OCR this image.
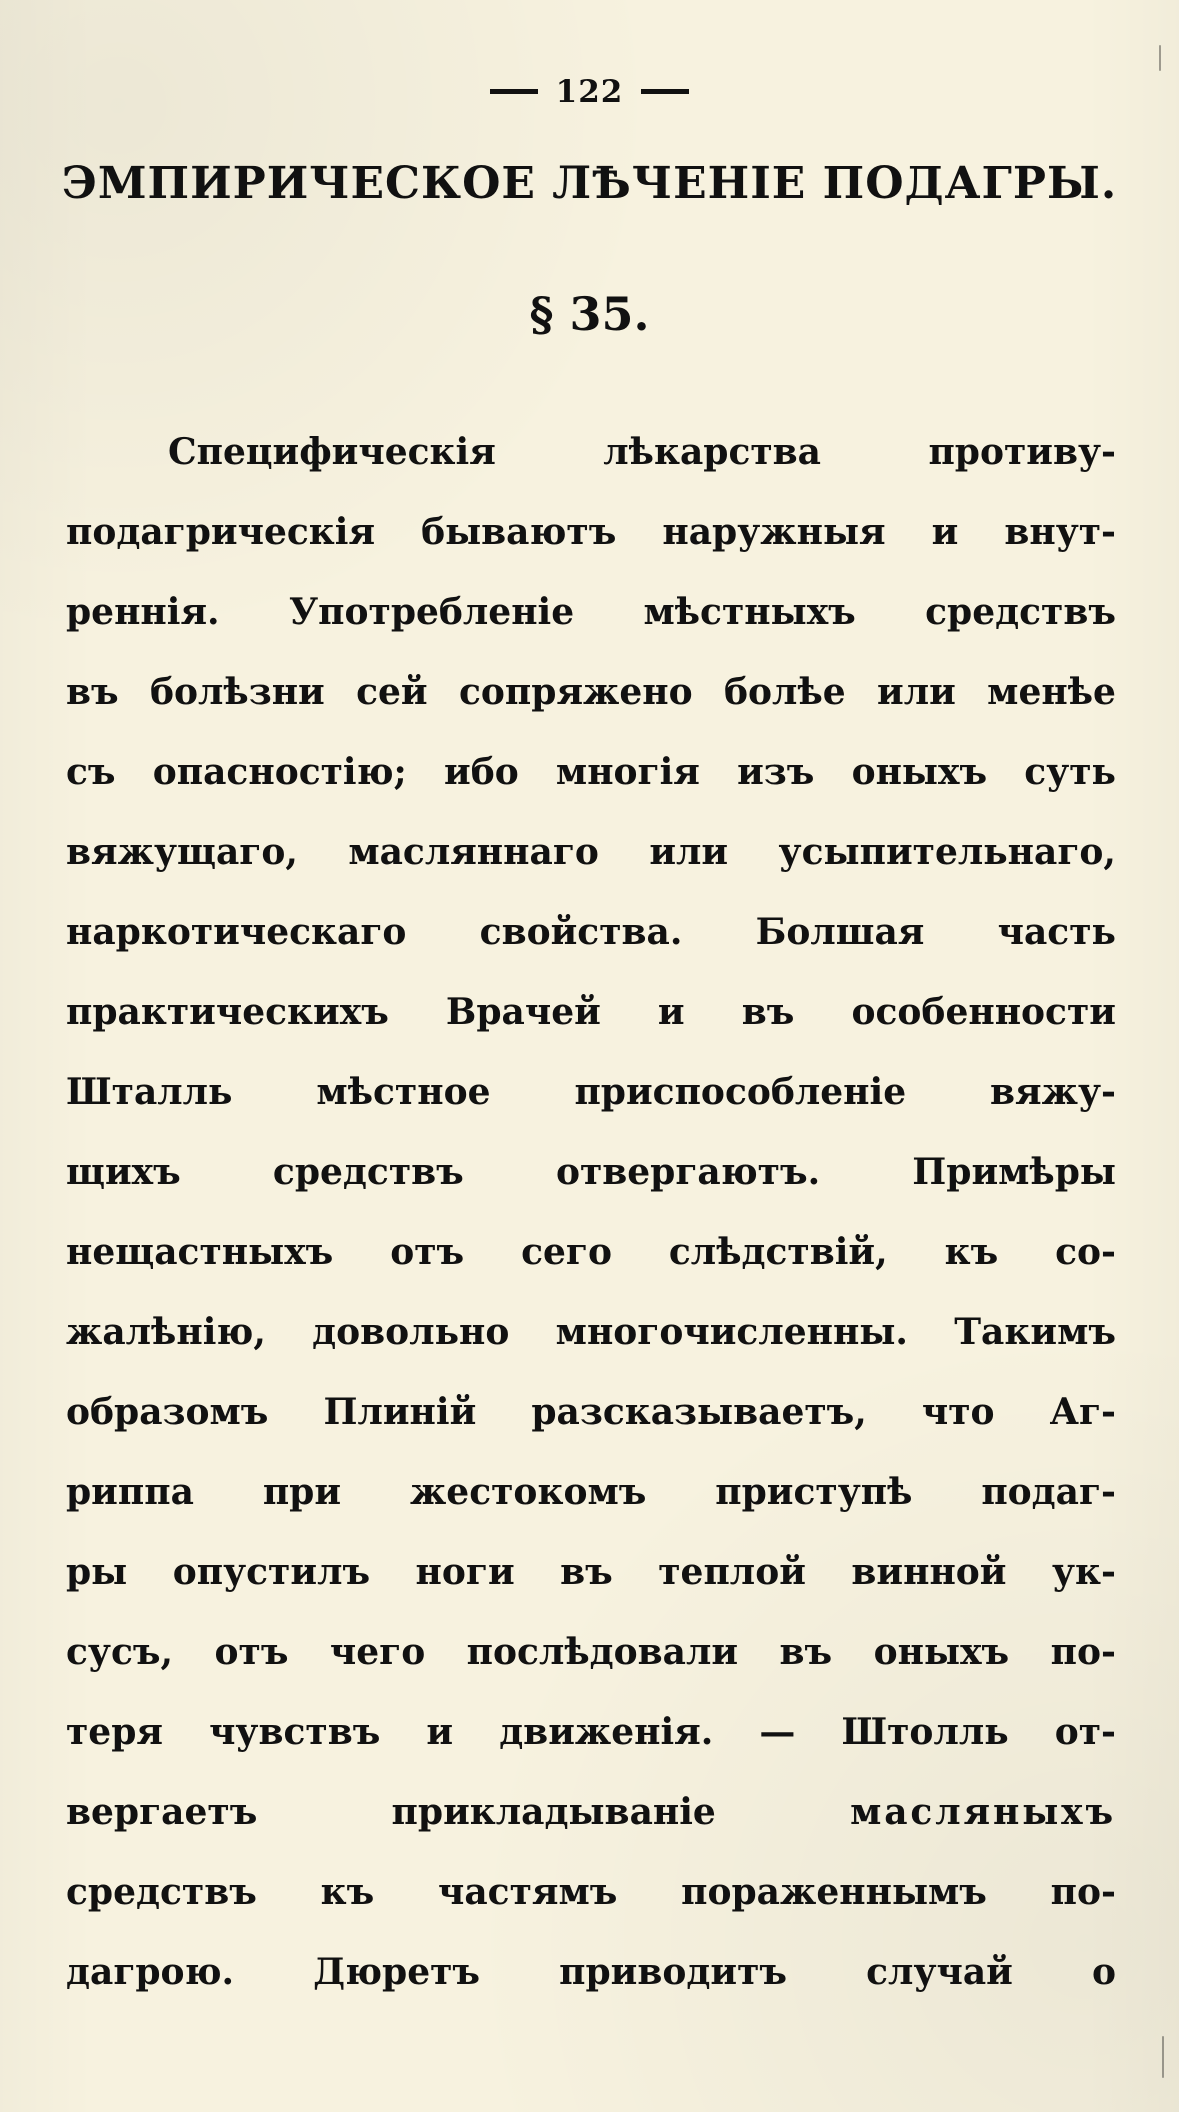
122
ЭМПИРИЧЕСКОЕ ЛѢЧЕНІЕ ПОДАГРЫ.
§ 35.
Специфическія	лѣкарства	противу-
подагрическія бываютъ наружныя и внут-
реннія. Употребленіе мѣстныхъ средствъ
въ болѣзни сей сопряжено болѣе или менѣе
съ опасностію; ибо многія изъ оныхъ суть
вяжущаго, масляннаго или усыпительнаго,
наркотическаго свойства. Болшая часть
практическихъ Врачей и въ особенности
Шталль мѣстное приспособленіе вяжу-
щихъ	средствъ	отвергаютъ.	Примѣры
нещастныхъ отъ сего слѣдствій, къ со-
жалѣнію, довольно многочисленны. Такимъ
образомъ Плиній разсказываетъ, что Аг-
риппа при жестокомъ приступѣ подаг-
ры опустилъ ноги въ теплой винной ук-
сусъ, отъ чего послѣдовали въ оныхъ по-
теря чувствъ и движенія. — Штолль от-
вергаетъ	прикладываніе	масляныхъ
средствъ къ частямъ пораженнымъ по-
дагрою. Дюретъ приводитъ случай о
